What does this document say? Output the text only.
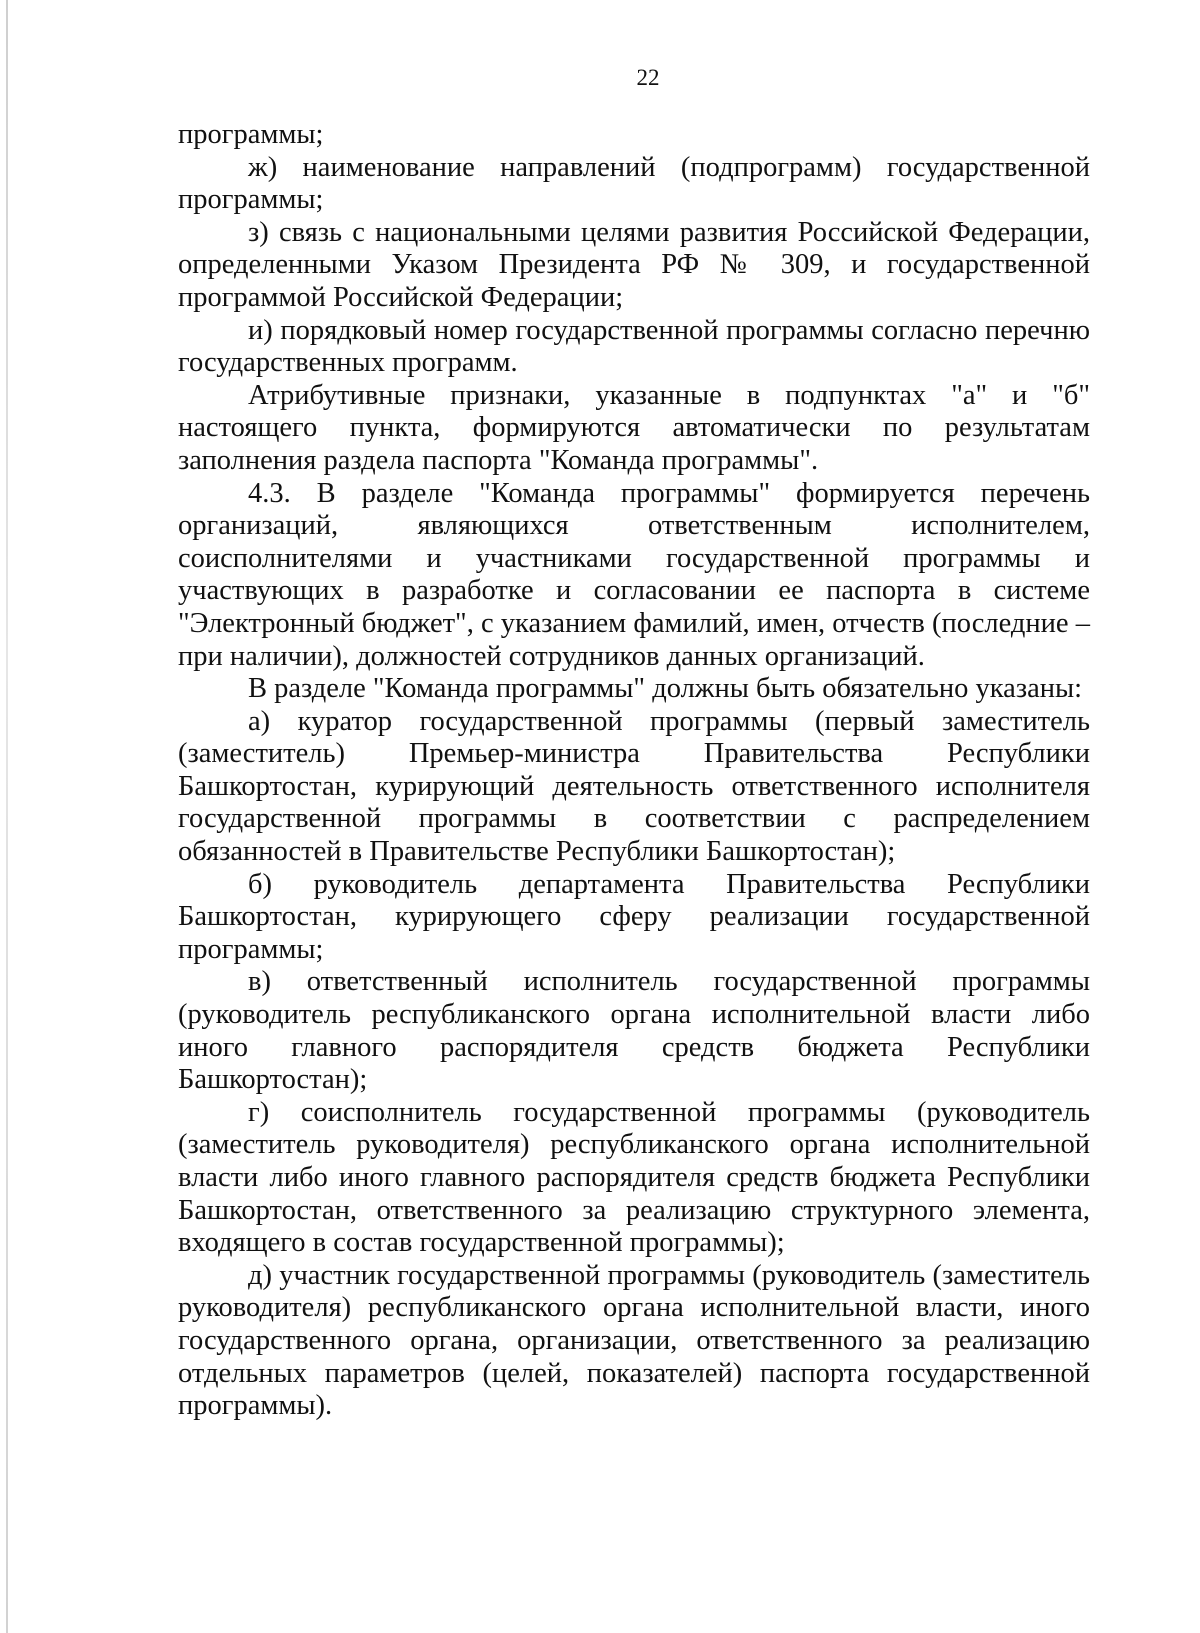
22

программы;

ж) наименование направлений (подпрограмм) государственной программы;

з) связь с национальными целями развития Российской Федерации, определенными Указом Президента РФ № 309, и государственной программой Российской Федерации;

и) порядковый номер государственной программы согласно перечню государственных программ.

Атрибутивные признаки, указанные в подпунктах "а" и "б" настоящего пункта, формируются автоматически по результатам заполнения раздела паспорта "Команда программы".

4.3. В разделе "Команда программы" формируется перечень организаций, являющихся ответственным исполнителем, соисполнителями и участниками государственной программы и участвующих в разработке и согласовании ее паспорта в системе "Электронный бюджет", с указанием фамилий, имен, отчеств (последние – при наличии), должностей сотрудников данных организаций.

В разделе "Команда программы" должны быть обязательно указаны:

а) куратор государственной программы (первый заместитель (заместитель) Премьер-министра Правительства Республики Башкортостан, курирующий деятельность ответственного исполнителя государственной программы в соответствии с распределением обязанностей в Правительстве Республики Башкортостан);

б) руководитель департамента Правительства Республики Башкортостан, курирующего сферу реализации государственной программы;

в) ответственный исполнитель государственной программы (руководитель республиканского органа исполнительной власти либо иного главного распорядителя средств бюджета Республики Башкортостан);

г) соисполнитель государственной программы (руководитель (заместитель руководителя) республиканского органа исполнительной власти либо иного главного распорядителя средств бюджета Республики Башкортостан, ответственного за реализацию структурного элемента, входящего в состав государственной программы);

д) участник государственной программы (руководитель (заместитель руководителя) республиканского органа исполнительной власти, иного государственного органа, организации, ответственного за реализацию отдельных параметров (целей, показателей) паспорта государственной программы).
